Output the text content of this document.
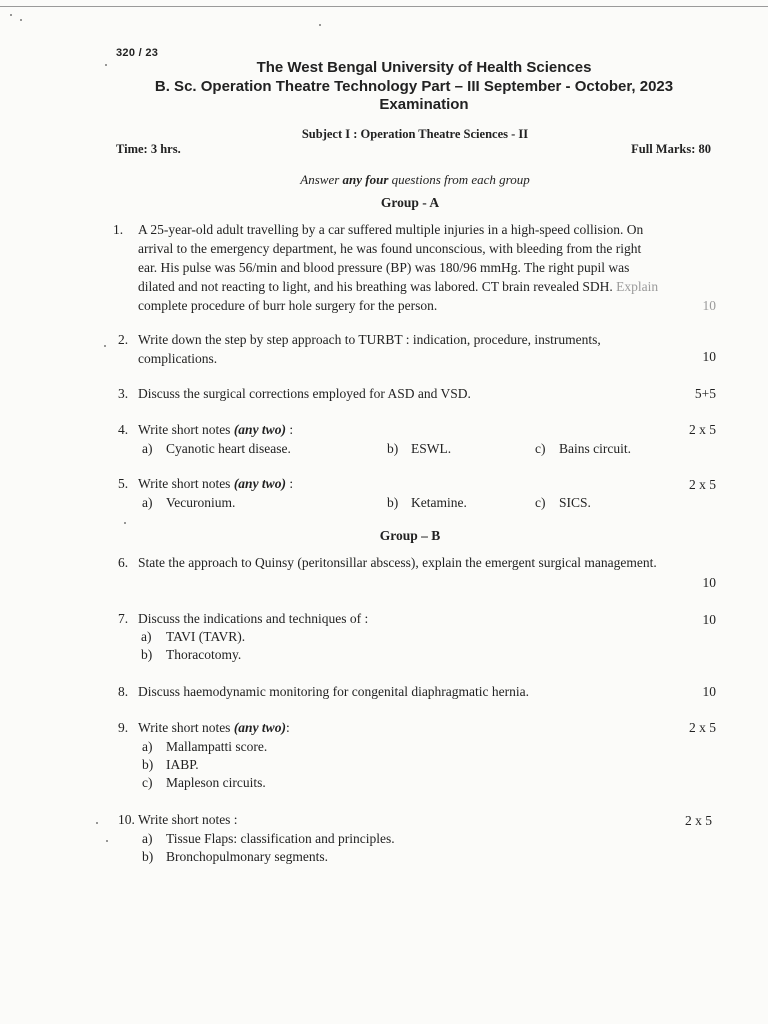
320 / 23
The West Bengal University of Health Sciences
B. Sc. Operation Theatre Technology Part – III September - October, 2023
Examination
Subject I : Operation Theatre Sciences - II
Time: 3 hrs.	Full Marks: 80
Answer any four questions from each group
Group - A
1. A 25-year-old adult travelling by a car suffered multiple injuries in a high-speed collision. On
arrival to the emergency department, he was found unconscious, with bleeding from the right
ear. His pulse was 56/min and blood pressure (BP) was 180/96 mmHg. The right pupil was
dilated and not reacting to light, and his breathing was labored. CT brain revealed SDH. Explain
complete procedure of burr hole surgery for the person.	10
2. Write down the step by step approach to TURBT : indication, procedure, instruments,
complications.	10
3. Discuss the surgical corrections employed for ASD and VSD.	5+5
4. Write short notes (any two) :	2 x 5
a) Cyanotic heart disease.	b) ESWL.	c) Bains circuit.
5. Write short notes (any two) :	2 x 5
a) Vecuronium.	b) Ketamine.	c) SICS.
Group – B
6. State the approach to Quinsy (peritonsillar abscess), explain the emergent surgical management.
10
7. Discuss the indications and techniques of :	10
a) TAVI (TAVR).
b) Thoracotomy.
8. Discuss haemodynamic monitoring for congenital diaphragmatic hernia.	10
9. Write short notes (any two):	2 x 5
a) Mallampatti score.
b) IABP.
c) Mapleson circuits.
10. Write short notes :	2 x 5
a) Tissue Flaps: classification and principles.
b) Bronchopulmonary segments.
